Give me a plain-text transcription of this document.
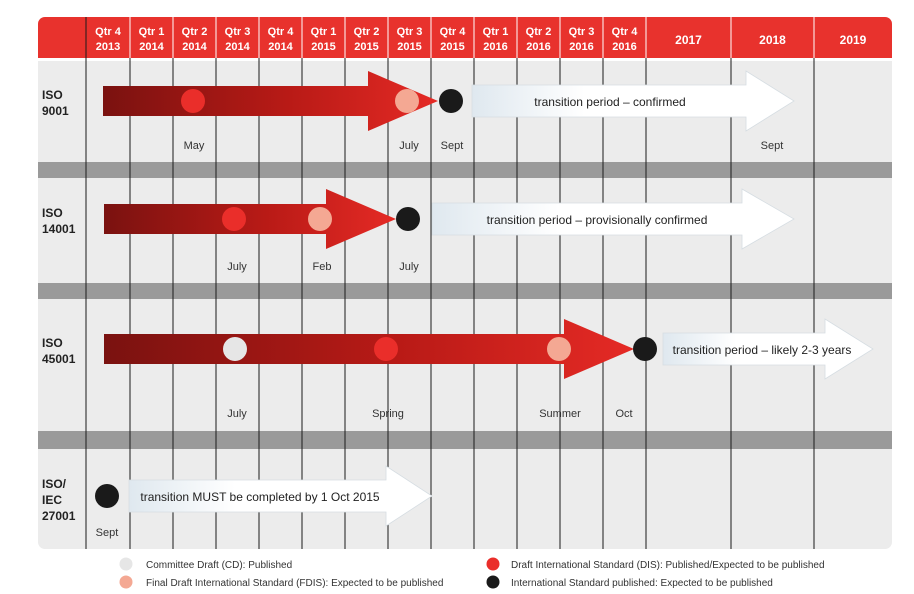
Qtr 4
2013
Qtr 1
2014
Qtr 2
2014
Qtr 3
2014
Qtr 4
2014
Qtr 1
2015
Qtr 2
2015
Qtr 3
2015
Qtr 4
2015
Qtr 1
2016
Qtr 2
2016
Qtr 3
2016
Qtr 4
2016	2017	2018	2019
ISO
9001
ISO
14001
ISO
45001
ISO/
IEC
27001
transition period – confirmed
transition period – provisionally confirmed
transition period – likely 2-3 years
transition MUST be completed by 1 Oct 2015
May	July Sept	Sept
July	Feb	July
July	Spring	Summer	Oct
Sept
Committee Draft (CD): Published	Draft International Standard (DIS): Published/Expected to be published
Final Draft International Standard (FDIS): Expected to be published	International Standard published: Expected to be published
